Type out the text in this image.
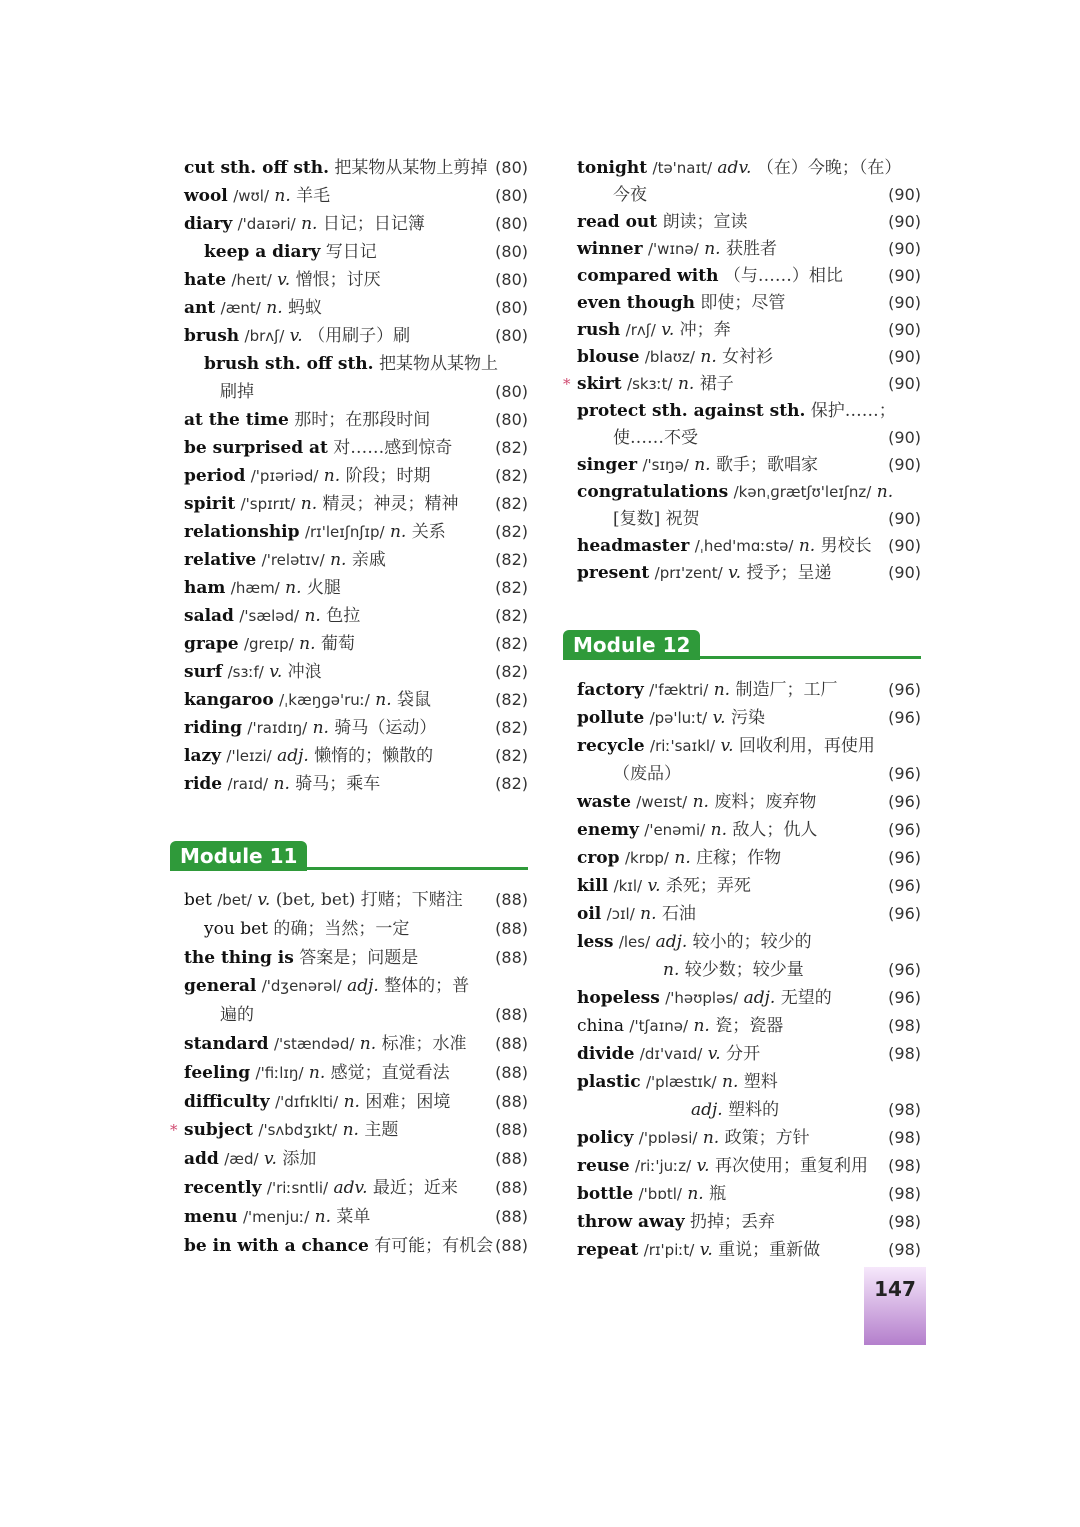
cut sth. off sth. 把某物从某物上剪掉 (80)
wool /wʊl/ n. 羊毛	(80)
diary /'daɪəri/ n. 日记；日记簿	(80)
keep a diary 写日记	(80)
hate /heɪt/ v. 憎恨；讨厌	(80)
ant /ænt/ n. 蚂蚁	(80)
brush /brʌʃ/ v. （用刷子）刷	(80)
brush sth. off sth. 把某物从某物上
刷掉	(80)
at the time 那时；在那段时间	(80)
be surprised at 对……感到惊奇	(82)
period /'pɪəriəd/ n. 阶段；时期	(82)
spirit /'spɪrɪt/ n. 精灵；神灵；精神 (82)
relationship /rɪ'leɪʃnʃɪp/ n. 关系	(82)
relative /'relətɪv/ n. 亲戚	(82)
ham /hæm/ n. 火腿	(82)
salad /'sæləd/ n. 色拉	(82)
grape /greɪp/ n. 葡萄	(82)
surf /sɜːf/ v. 冲浪	(82)
kangaroo /ˌkæŋɡə'ruː/ n. 袋鼠	(82)
riding /'raɪdɪŋ/ n. 骑马（运动）	(82)
lazy /'leɪzi/ adj. 懒惰的；懒散的	(82)
ride /raɪd/ n. 骑马；乘车	(82)
Module 11
bet /bet/ v. (bet, bet) 打赌；下赌注 (88)
you bet 的确；当然；一定	(88)
the thing is 答案是；问题是	(88)
general /'dʒenərəl/ adj. 整体的；普
遍的	(88)
standard /'stændəd/ n. 标准；水准 (88)
feeling /'fiːlɪŋ/ n. 感觉；直觉看法	(88)
difficulty /'dɪfɪklti/ n. 困难；困境	(88)
* subject /'sʌbdʒɪkt/ n. 主题	(88)
add /æd/ v. 添加	(88)
recently /'riːsntli/ adv. 最近；近来 (88)
menu /'menjuː/ n. 菜单	(88)
be in with a chance 有可能；有机会 (88)
tonight /tə'naɪt/ adv. （在）今晚；（在）
今夜	(90)
read out 朗读；宣读	(90)
winner /'wɪnə/ n. 获胜者	(90)
compared with （与……）相比	(90)
even though 即使；尽管	(90)
rush /rʌʃ/ v. 冲；奔	(90)
blouse /blaʊz/ n. 女衬衫	(90)
* skirt /skɜːt/ n. 裙子	(90)
protect sth. against sth. 保护……；
使……不受	(90)
singer /'sɪŋə/ n. 歌手；歌唱家	(90)
congratulations /kənˌɡrætʃʊ'leɪʃnz/ n.
[复数] 祝贺	(90)
headmaster /ˌhed'mɑːstə/ n. 男校长 (90)
present /prɪ'zent/ v. 授予；呈递	(90)
Module 12
factory /'fæktri/ n. 制造厂；工厂	(96)
pollute /pə'luːt/ v. 污染	(96)
recycle /riː'saɪkl/ v. 回收利用，再使用
（废品）	(96)
waste /weɪst/ n. 废料；废弃物	(96)
enemy /'enəmi/ n. 敌人；仇人	(96)
crop /krɒp/ n. 庄稼；作物	(96)
kill /kɪl/ v. 杀死；弄死	(96)
oil /ɔɪl/ n. 石油	(96)
less /les/ adj. 较小的；较少的
n. 较少数；较少量	(96)
hopeless /'həʊpləs/ adj. 无望的	(96)
china /'tʃaɪnə/ n. 瓷；瓷器	(98)
divide /dɪ'vaɪd/ v. 分开	(98)
plastic /'plæstɪk/ n. 塑料
adj. 塑料的	(98)
policy /'pɒləsi/ n. 政策；方针	(98)
reuse /riː'juːz/ v. 再次使用；重复利用 (98)
bottle /'bɒtl/ n. 瓶	(98)
throw away 扔掉；丢弃	(98)
repeat /rɪ'piːt/ v. 重说；重新做	(98)
147
